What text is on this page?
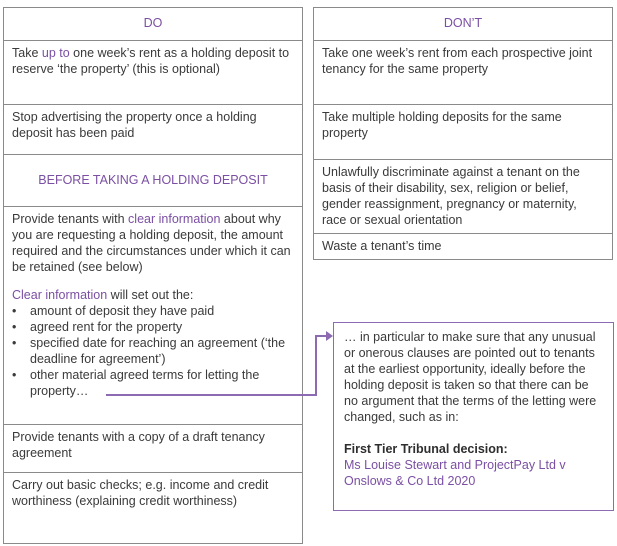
DO
Take up to one week’s rent as a holding deposit to reserve ‘the property’ (this is optional)
Stop advertising the property once a holding deposit has been paid
BEFORE TAKING A HOLDING DEPOSIT
Provide tenants with clear information about why you are requesting a holding deposit, the amount required and the circumstances under which it can be retained (see below)
Clear information will set out the:
• amount of deposit they have paid
• agreed rent for the property
• specified date for reaching an agreement (‘the deadline for agreement’)
• other material agreed terms for letting the property…
Provide tenants with a copy of a draft tenancy agreement
Carry out basic checks; e.g. income and credit worthiness (explaining credit worthiness)
DON’T
Take one week’s rent from each prospective joint tenancy for the same property
Take multiple holding deposits for the same property
Unlawfully discriminate against a tenant on the basis of their disability, sex, religion or belief, gender reassignment, pregnancy or maternity, race or sexual orientation
Waste a tenant’s time
… in particular to make sure that any unusual or onerous clauses are pointed out to tenants at the earliest opportunity, ideally before the holding deposit is taken so that there can be no argument that the terms of the letting were changed, such as in:
First Tier Tribunal decision:
Ms Louise Stewart and ProjectPay Ltd v Onslows & Co Ltd 2020
